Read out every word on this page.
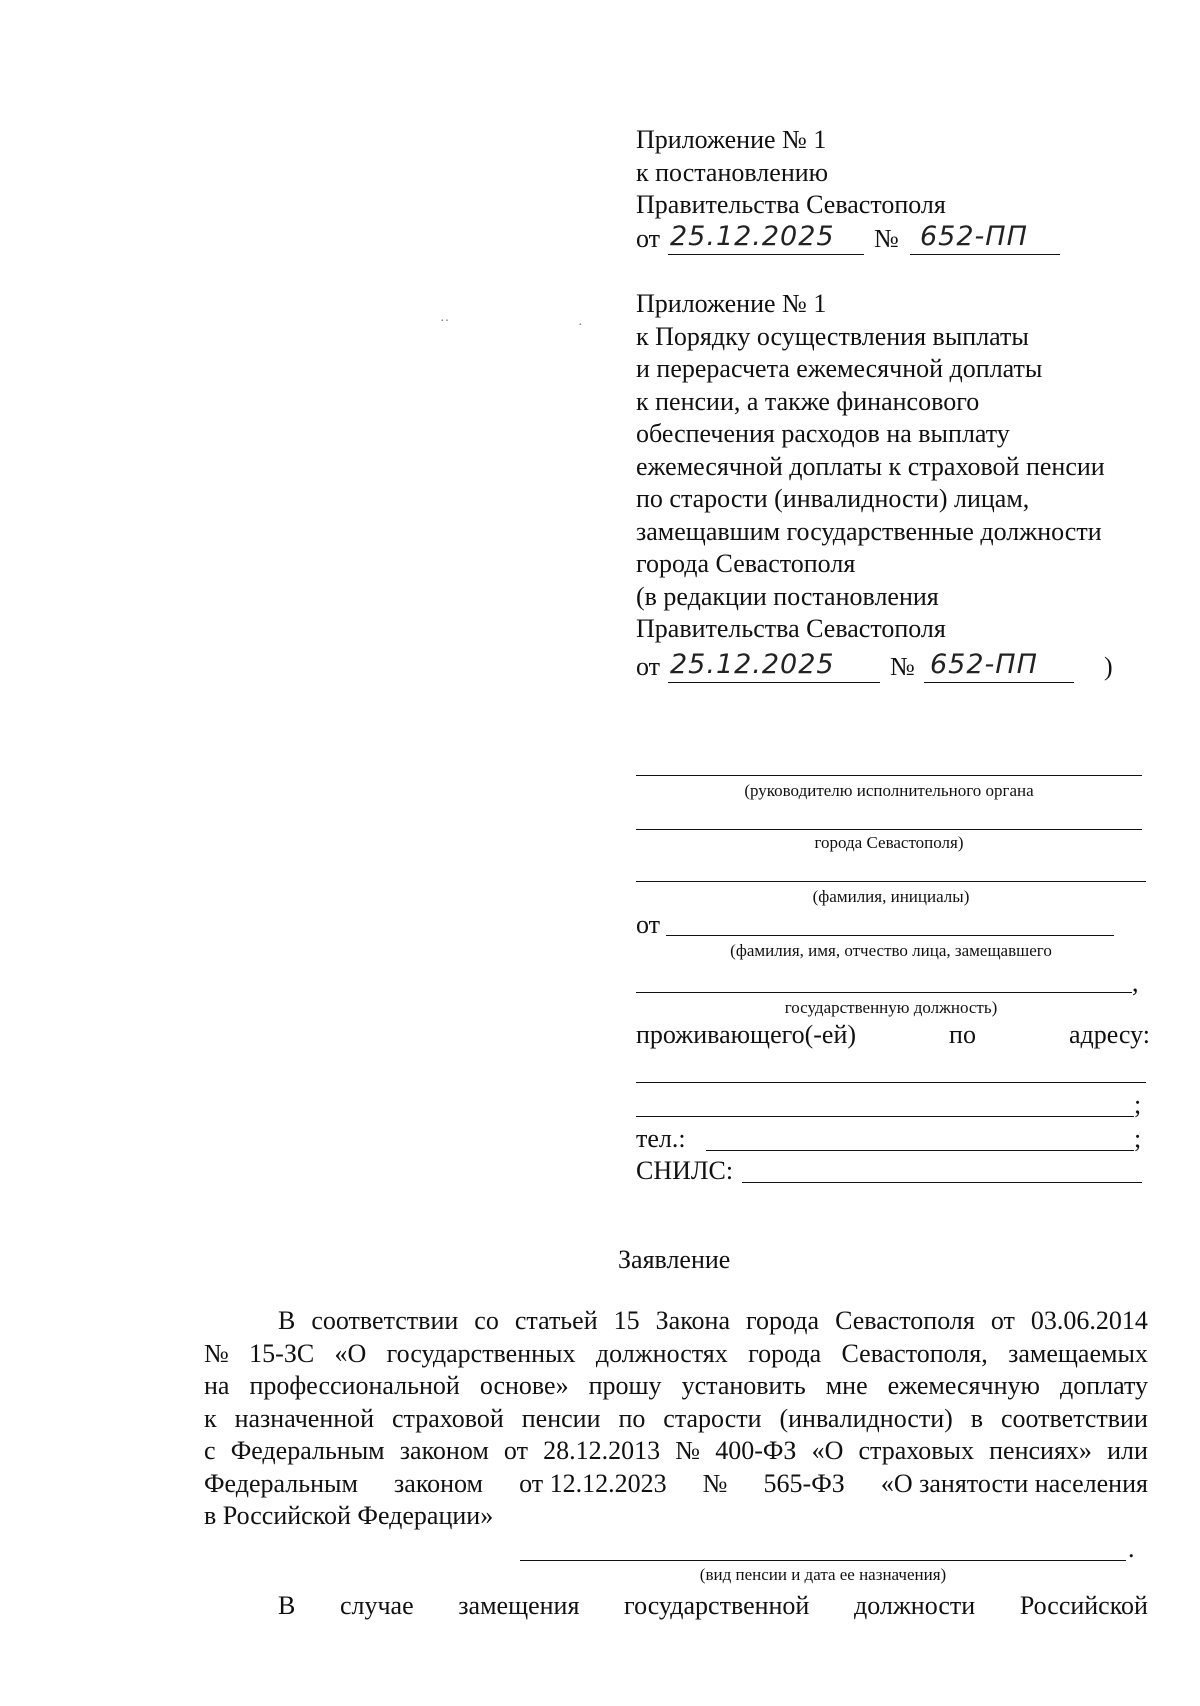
··	·
Приложение № 1
к постановлению
Правительства Севастополя
от 25.12.2025 № 652-ПП
Приложение № 1
к Порядку осуществления выплаты
и перерасчета ежемесячной доплаты
к пенсии, а также финансового
обеспечения расходов на выплату
ежемесячной доплаты к страховой пенсии
по старости (инвалидности) лицам,
замещавшим государственные должности
города Севастополя
(в редакции постановления
Правительства Севастополя
от 25.12.2025 № 652-ПП	)
(руководителю исполнительного органа
города Севастополя)
(фамилия, инициалы)
от
(фамилия, имя, отчество лица, замещавшего
,
государственную должность)
проживающего(-ей)	по	адресу:
;
тел.:	;
СНИЛС:
Заявление
В соответствии со статьей 15 Закона города Севастополя от 03.06.2014
№ 15-ЗС «О государственных должностях города Севастополя, замещаемых
на профессиональной основе» прошу установить мне ежемесячную доплату
к назначенной страховой пенсии по старости (инвалидности) в соответствии
с Федеральным законом от 28.12.2013 № 400-ФЗ «О страховых пенсиях» или
Федеральным законом от 12.12.2023 № 565-ФЗ «О занятости населения
в Российской Федерации»
.
(вид пенсии и дата ее назначения)
В случае замещения государственной должности Российской
